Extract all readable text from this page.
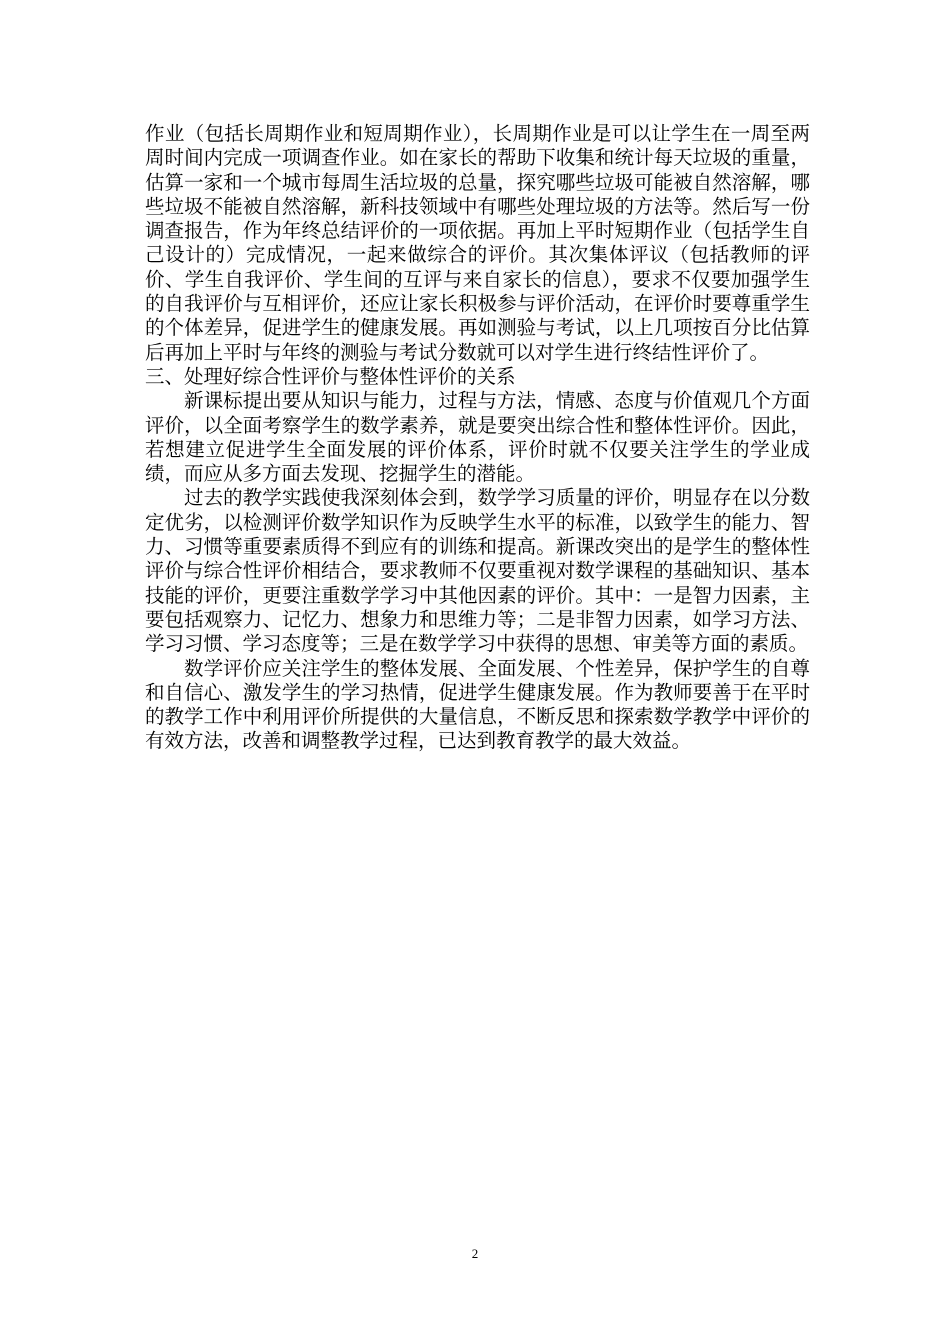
作业（包括长周期作业和短周期作业），长周期作业是可以让学生在一周至两周时间内完成一项调查作业。如在家长的帮助下收集和统计每天垃圾的重量，估算一家和一个城市每周生活垃圾的总量，探究哪些垃圾可能被自然溶解，哪些垃圾不能被自然溶解，新科技领域中有哪些处理垃圾的方法等。然后写一份调查报告，作为年终总结评价的一项依据。再加上平时短期作业（包括学生自己设计的）完成情况，一起来做综合的评价。其次集体评议（包括教师的评价、学生自我评价、学生间的互评与来自家长的信息），要求不仅要加强学生的自我评价与互相评价，还应让家长积极参与评价活动，在评价时要尊重学生的个体差异，促进学生的健康发展。再如测验与考试，以上几项按百分比估算后再加上平时与年终的测验与考试分数就可以对学生进行终结性评价了。

三、处理好综合性评价与整体性评价的关系

新课标提出要从知识与能力，过程与方法，情感、态度与价值观几个方面评价，以全面考察学生的数学素养，就是要突出综合性和整体性评价。因此，若想建立促进学生全面发展的评价体系，评价时就不仅要关注学生的学业成绩，而应从多方面去发现、挖掘学生的潜能。

过去的教学实践使我深刻体会到，数学学习质量的评价，明显存在以分数定优劣，以检测评价数学知识作为反映学生水平的标准，以致学生的能力、智力、习惯等重要素质得不到应有的训练和提高。新课改突出的是学生的整体性评价与综合性评价相结合，要求教师不仅要重视对数学课程的基础知识、基本技能的评价，更要注重数学学习中其他因素的评价。其中：一是智力因素，主要包括观察力、记忆力、想象力和思维力等；二是非智力因素，如学习方法、学习习惯、学习态度等；三是在数学学习中获得的思想、审美等方面的素质。

数学评价应关注学生的整体发展、全面发展、个性差异，保护学生的自尊和自信心、激发学生的学习热情，促进学生健康发展。作为教师要善于在平时的教学工作中利用评价所提供的大量信息，不断反思和探索数学教学中评价的有效方法，改善和调整教学过程，已达到教育教学的最大效益。

2
